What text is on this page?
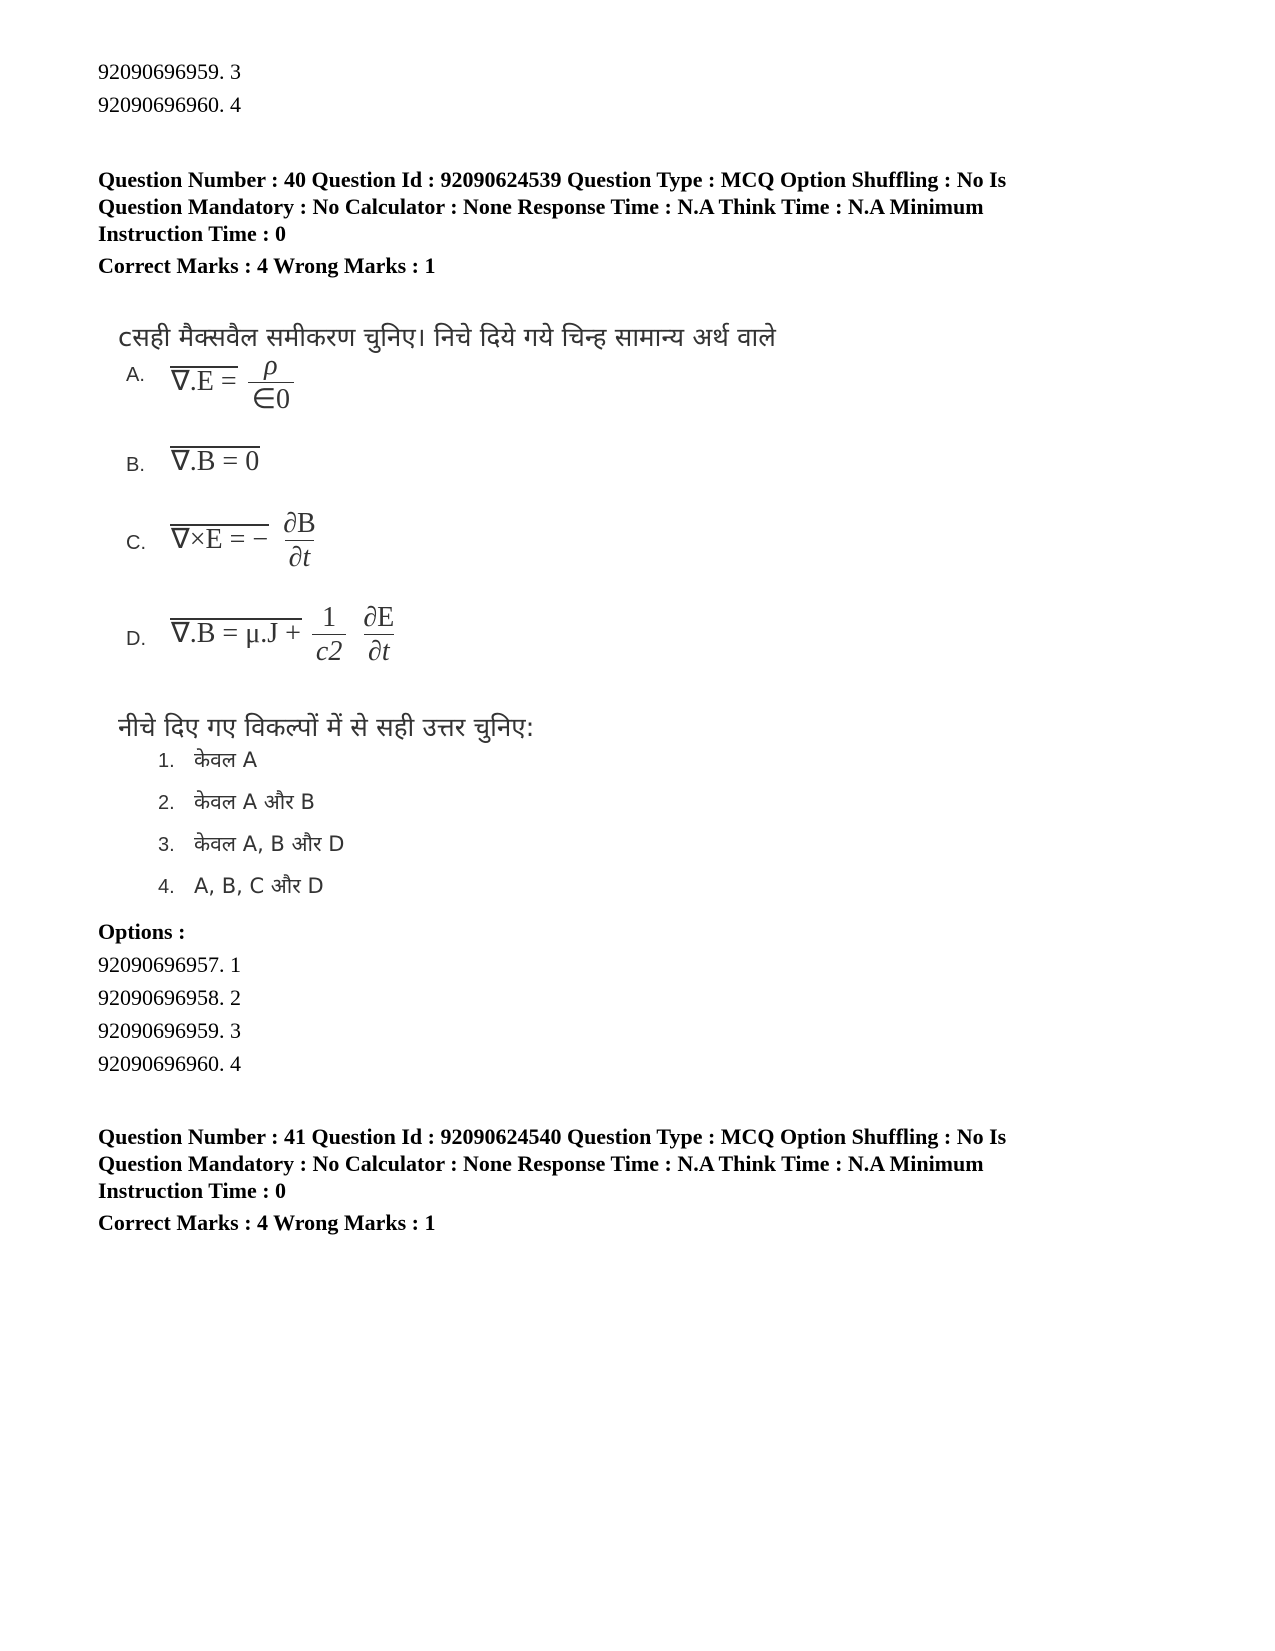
92090696959. 3
92090696960. 4
Question Number : 40 Question Id : 92090624539 Question Type : MCQ Option Shuffling : No Is
Question Mandatory : No Calculator : None Response Time : N.A Think Time : N.A Minimum
Instruction Time : 0
Correct Marks : 4 Wrong Marks : 1
cसही मैक्सवैल समीकरण चुनिए। निचे दिये गये चिन्ह सामान्य अर्थ वाले
A. $\nabla.E = \frac{\rho}{\in 0}$
B. ∇.B = 0
C. ∇×E = − $\frac{\partial B}{\partial t}$
D. $\nabla.B = \mu.J + \frac{1}{c2}$
$\frac{\partial E}{\partial t}$
नीचे दिए गए विकल्पों में से सही उत्तर चुनिए:
1. केवल A
2. केवल A और B
3. केवल A, B और D
4. A, B, C और D
Options :
92090696957. 1
92090696958. 2
92090696959. 3
92090696960. 4
Question Number : 41 Question Id : 92090624540 Question Type : MCQ Option Shuffling : No Is
Question Mandatory : No Calculator : None Response Time : N.A Think Time : N.A Minimum
Instruction Time : 0
Correct Marks : 4 Wrong Marks : 1
